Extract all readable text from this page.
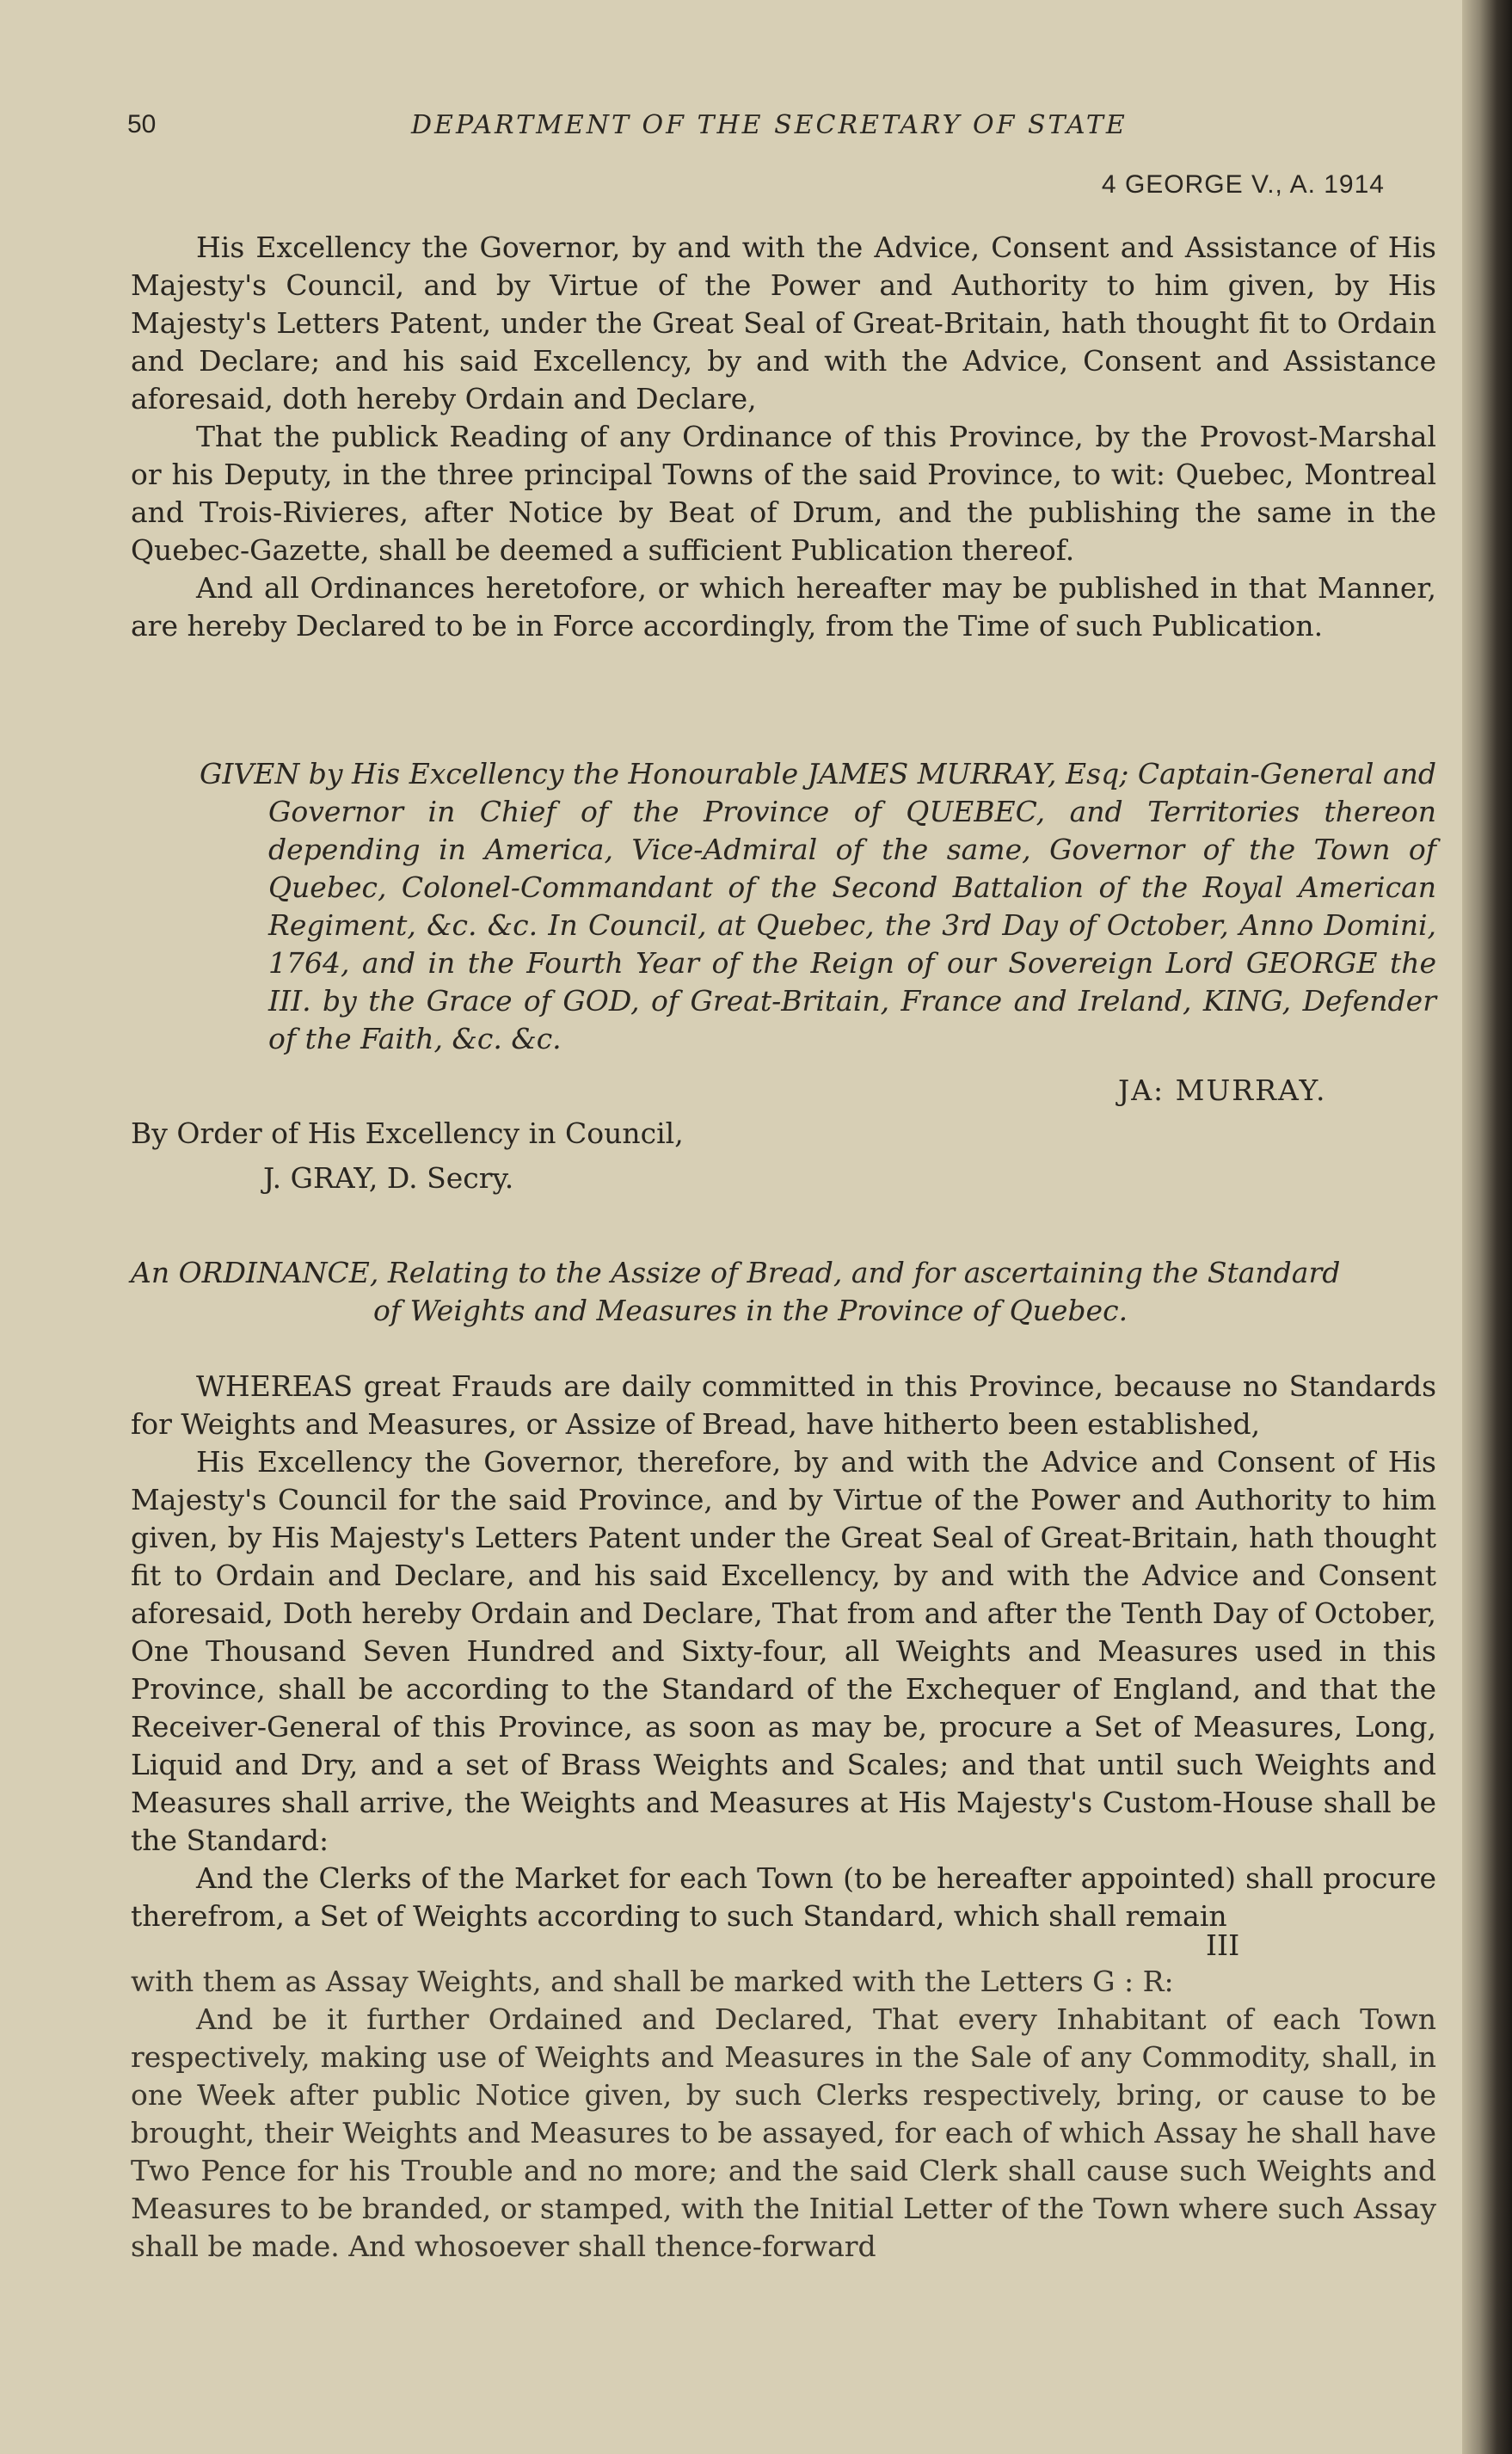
50	DEPARTMENT OF THE SECRETARY OF STATE
4 GEORGE V., A. 1914

His Excellency the Governor, by and with the Advice, Consent and Assistance of His Majesty's Council, and by Virtue of the Power and Authority to him given, by His Majesty's Letters Patent, under the Great Seal of Great-Britain, hath thought fit to Ordain and Declare; and his said Excellency, by and with the Advice, Consent and Assistance aforesaid, doth hereby Ordain and Declare,

That the publick Reading of any Ordinance of this Province, by the Provost-Marshal or his Deputy, in the three principal Towns of the said Province, to wit: Quebec, Montreal and Trois-Rivieres, after Notice by Beat of Drum, and the publishing the same in the Quebec-Gazette, shall be deemed a sufficient Publication thereof.

And all Ordinances heretofore, or which hereafter may be published in that Manner, are hereby Declared to be in Force accordingly, from the Time of such Publication.

GIVEN by His Excellency the Honourable JAMES MURRAY, Esq; Captain-General and Governor in Chief of the Province of QUEBEC, and Territories thereon depending in America, Vice-Admiral of the same, Governor of the Town of Quebec, Colonel-Commandant of the Second Battalion of the Royal American Regiment, &c. &c. In Council, at Quebec, the 3rd Day of October, Anno Domini, 1764, and in the Fourth Year of the Reign of our Sovereign Lord GEORGE the III. by the Grace of GOD, of Great-Britain, France and Ireland, KING, Defender of the Faith, &c. &c.
JA: MURRAY.
By Order of His Excellency in Council,
J. GRAY, D. Secry.
An ORDINANCE, Relating to the Assize of Bread, and for ascertaining the Standard
of Weights and Measures in the Province of Quebec.

WHEREAS great Frauds are daily committed in this Province, because no Standards for Weights and Measures, or Assize of Bread, have hitherto been established,

His Excellency the Governor, therefore, by and with the Advice and Consent of His Majesty's Council for the said Province, and by Virtue of the Power and Authority to him given, by His Majesty's Letters Patent under the Great Seal of Great-Britain, hath thought fit to Ordain and Declare, and his said Excellency, by and with the Advice and Consent aforesaid, Doth hereby Ordain and Declare, That from and after the Tenth Day of October, One Thousand Seven Hundred and Sixty-four, all Weights and Measures used in this Province, shall be according to the Standard of the Exchequer of England, and that the Receiver-General of this Province, as soon as may be, procure a Set of Measures, Long, Liquid and Dry, and a set of Brass Weights and Scales; and that until such Weights and Measures shall arrive, the Weights and Measures at His Majesty's Custom-House shall be the Standard:

And the Clerks of the Market for each Town (to be hereafter appointed) shall procure therefrom, a Set of Weights according to such Standard, which shall remain

III

with them as Assay Weights, and shall be marked with the Letters G : R:

And be it further Ordained and Declared, That every Inhabitant of each Town respectively, making use of Weights and Measures in the Sale of any Commodity, shall, in one Week after public Notice given, by such Clerks respectively, bring, or cause to be brought, their Weights and Measures to be assayed, for each of which Assay he shall have Two Pence for his Trouble and no more; and the said Clerk shall cause such Weights and Measures to be branded, or stamped, with the Initial Letter of the Town where such Assay shall be made. And whosoever shall thence-forward
